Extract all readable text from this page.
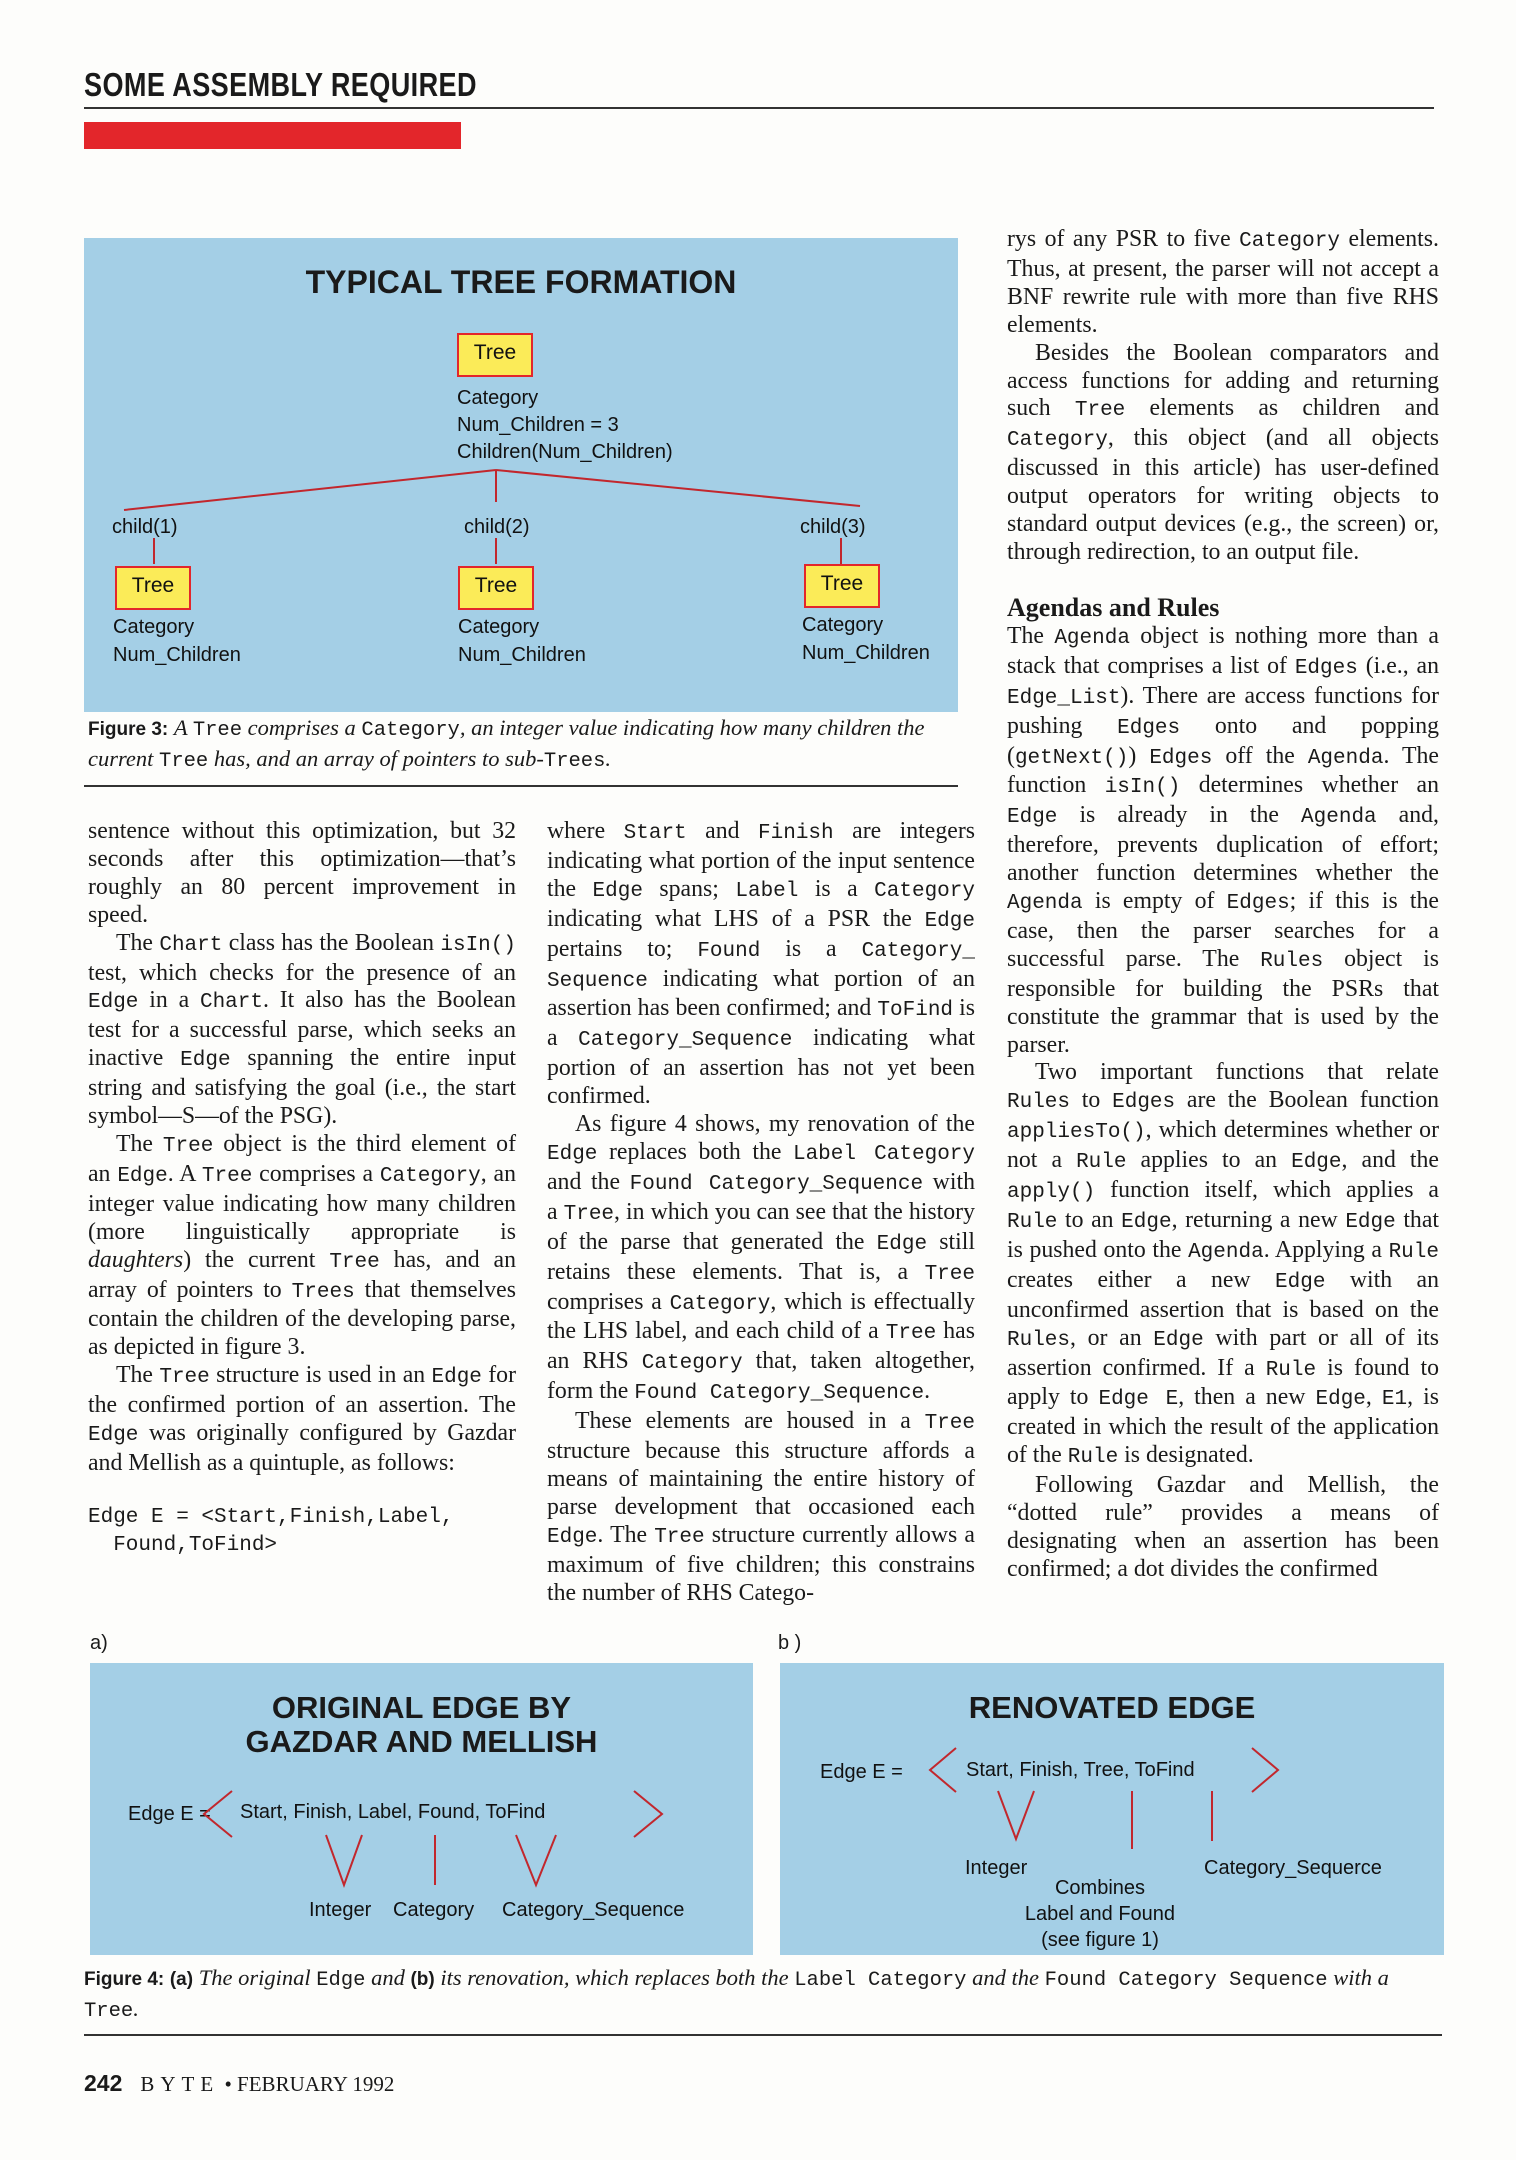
SOME ASSEMBLY REQUIRED
TYPICAL TREE FORMATION
Tree
Category
Num_Children = 3
Children(Num_Children)
child(1)
Tree
Category
Num_Children
child(2)
Tree
Category
Num_Children
child(3)
Tree
Category
Num_Children
Figure 3: A Tree comprises a Category, an integer value indicating how many children the current Tree has, and an array of pointers to sub-Trees.

rys of any PSR to five Category elements. Thus, at present, the parser will not accept a BNF rewrite rule with more than five RHS elements.

Besides the Boolean comparators and access functions for adding and returning such Tree elements as children and Category, this object (and all objects discussed in this article) has user-defined output operators for writing objects to standard output devices (e.g., the screen) or, through redirection, to an output file.

Agendas and Rules

The Agenda object is nothing more than a stack that comprises a list of Edges (i.e., an Edge_List). There are access functions for pushing Edges onto and popping (getNext()) Edges off the Agenda. The function isIn() determines whether an Edge is already in the Agenda and, therefore, prevents duplication of effort; another function determines whether the Agenda is empty of Edges; if this is the case, then the parser searches for a successful parse. The Rules object is responsible for building the PSRs that constitute the grammar that is used by the parser.

Two important functions that relate Rules to Edges are the Boolean function appliesTo(), which determines whether or not a Rule applies to an Edge, and the apply() function itself, which applies a Rule to an Edge, returning a new Edge that is pushed onto the Agenda. Applying a Rule creates either a new Edge with an unconfirmed assertion that is based on the Rules, or an Edge with part or all of its assertion confirmed. If a Rule is found to apply to Edge E, then a new Edge, E1, is created in which the result of the application of the Rule is designated.

Following Gazdar and Mellish, the “dotted rule” provides a means of designating when an assertion has been confirmed; a dot divides the confirmed

sentence without this optimization, but 32 seconds after this optimization—that’s roughly an 80 percent improvement in speed.

The Chart class has the Boolean isIn() test, which checks for the presence of an Edge in a Chart. It also has the Boolean test for a successful parse, which seeks an inactive Edge spanning the entire input string and satisfying the goal (i.e., the start symbol—S—of the PSG).

The Tree object is the third element of an Edge. A Tree comprises a Category, an integer value indicating how many children (more linguistically appropriate is daughters) the current Tree has, and an array of pointers to Trees that themselves contain the children of the developing parse, as depicted in figure 3.

The Tree structure is used in an Edge for the confirmed portion of an assertion. The Edge was originally configured by Gazdar and Mellish as a quintuple, as follows:

Edge E = <Start,Finish,Label,
Found,ToFind>

where Start and Finish are integers indicating what portion of the input sentence the Edge spans; Label is a Category indicating what LHS of a PSR the Edge pertains to; Found is a Category_ Sequence indicating what portion of an assertion has been confirmed; and ToFind is a Category_Sequence indicating what portion of an assertion has not yet been confirmed.

As figure 4 shows, my renovation of the Edge replaces both the Label Category and the Found Category_Sequence with a Tree, in which you can see that the history of the parse that generated the Edge still retains these elements. That is, a Tree comprises a Category, which is effectually the LHS label, and each child of a Tree has an RHS Category that, taken altogether, form the Found Category_Sequence.

These elements are housed in a Tree structure because this structure affords a means of maintaining the entire history of parse development that occasioned each Edge. The Tree structure currently allows a maximum of five children; this constrains the number of RHS Catego-

a)	b )
ORIGINAL EDGE BY
GAZDAR AND MELLISH
Edge E = Start, Finish, Label, Found, ToFind
Integer Category Category_Sequence
RENOVATED EDGE
Edge E =	Start, Finish, Tree, ToFind
Integer	Category_Sequerce
Combines
Label and Found
(see figure 1)
Figure 4: (a) The original Edge and (b) its renovation, which replaces both the Label Category and the Found Category Sequence with a Tree.
242 BYTE • FEBRUARY 1992
